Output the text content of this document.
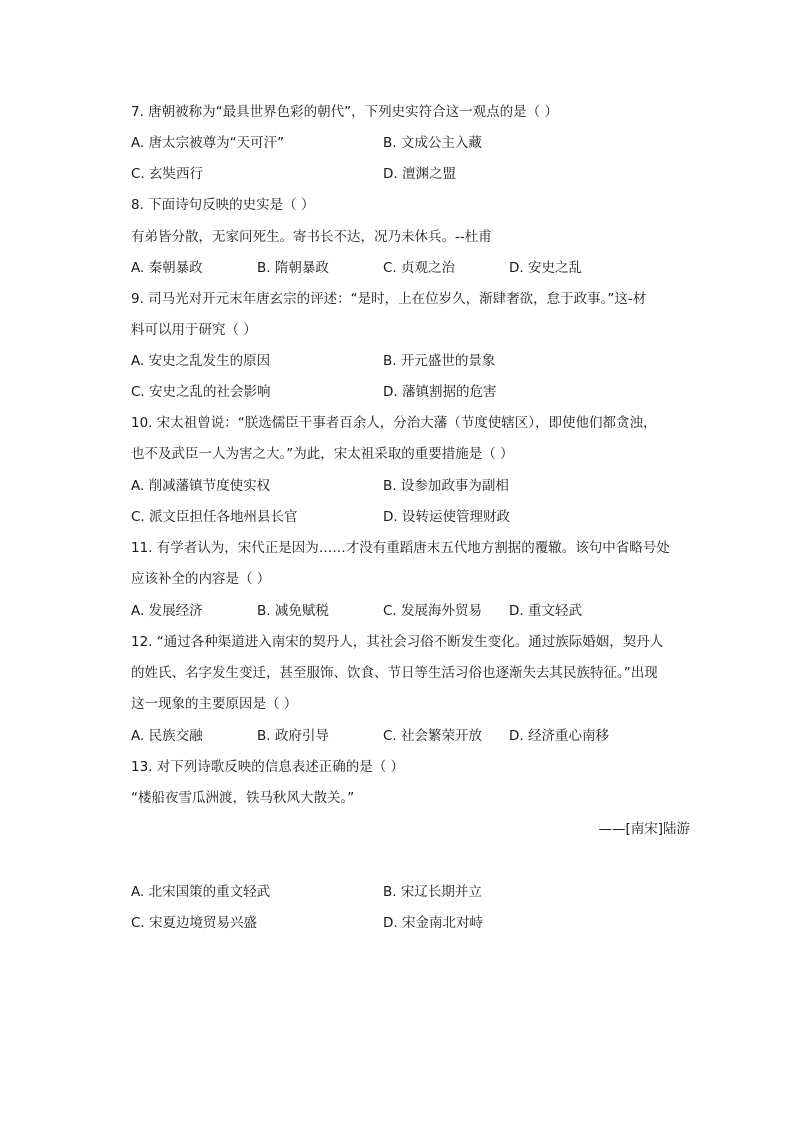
7. 唐朝被称为“最具世界色彩的朝代”，下列史实符合这一观点的是（ ）
A. 唐太宗被尊为“天可汗”	B. 文成公主入藏
C. 玄奘西行	D. 澶渊之盟
8. 下面诗句反映的史实是（ ）
有弟皆分散，无家问死生。寄书长不达，况乃未休兵。--杜甫
A. 秦朝暴政	B. 隋朝暴政	C. 贞观之治	D. 安史之乱
9. 司马光对开元末年唐玄宗的评述：“是时，上在位岁久，渐肆奢欲，怠于政事。”这-材
料可以用于研究（ ）
A. 安史之乱发生的原因	B. 开元盛世的景象
C. 安史之乱的社会影响	D. 藩镇割据的危害
10. 宋太祖曾说：“朕选儒臣干事者百余人，分治大藩（节度使辖区），即使他们都贪浊，
也不及武臣一人为害之大。”为此，宋太祖采取的重要措施是（ ）
A. 削减藩镇节度使实权	B. 设参加政事为副相
C. 派文臣担任各地州县长官	D. 设转运使管理财政
11. 有学者认为，宋代正是因为……才没有重蹈唐末五代地方割据的覆辙。该句中省略号处
应该补全的内容是（ ）
A. 发展经济	B. 减免赋税	C. 发展海外贸易 D. 重文轻武
12. “通过各种渠道进入南宋的契丹人，其社会习俗不断发生变化。通过族际婚姻，契丹人
的姓氏、名字发生变迁，甚至服饰、饮食、节日等生活习俗也逐渐失去其民族特征。”出现
这一现象的主要原因是（ ）
A. 民族交融	B. 政府引导	C. 社会繁荣开放 D. 经济重心南移
13. 对下列诗歌反映的信息表述正确的是（ ）
“楼船夜雪瓜洲渡，铁马秋风大散关。”
——[南宋]陆游
A. 北宋国策的重文轻武	B. 宋辽长期并立
C. 宋夏边境贸易兴盛	D. 宋金南北对峙
